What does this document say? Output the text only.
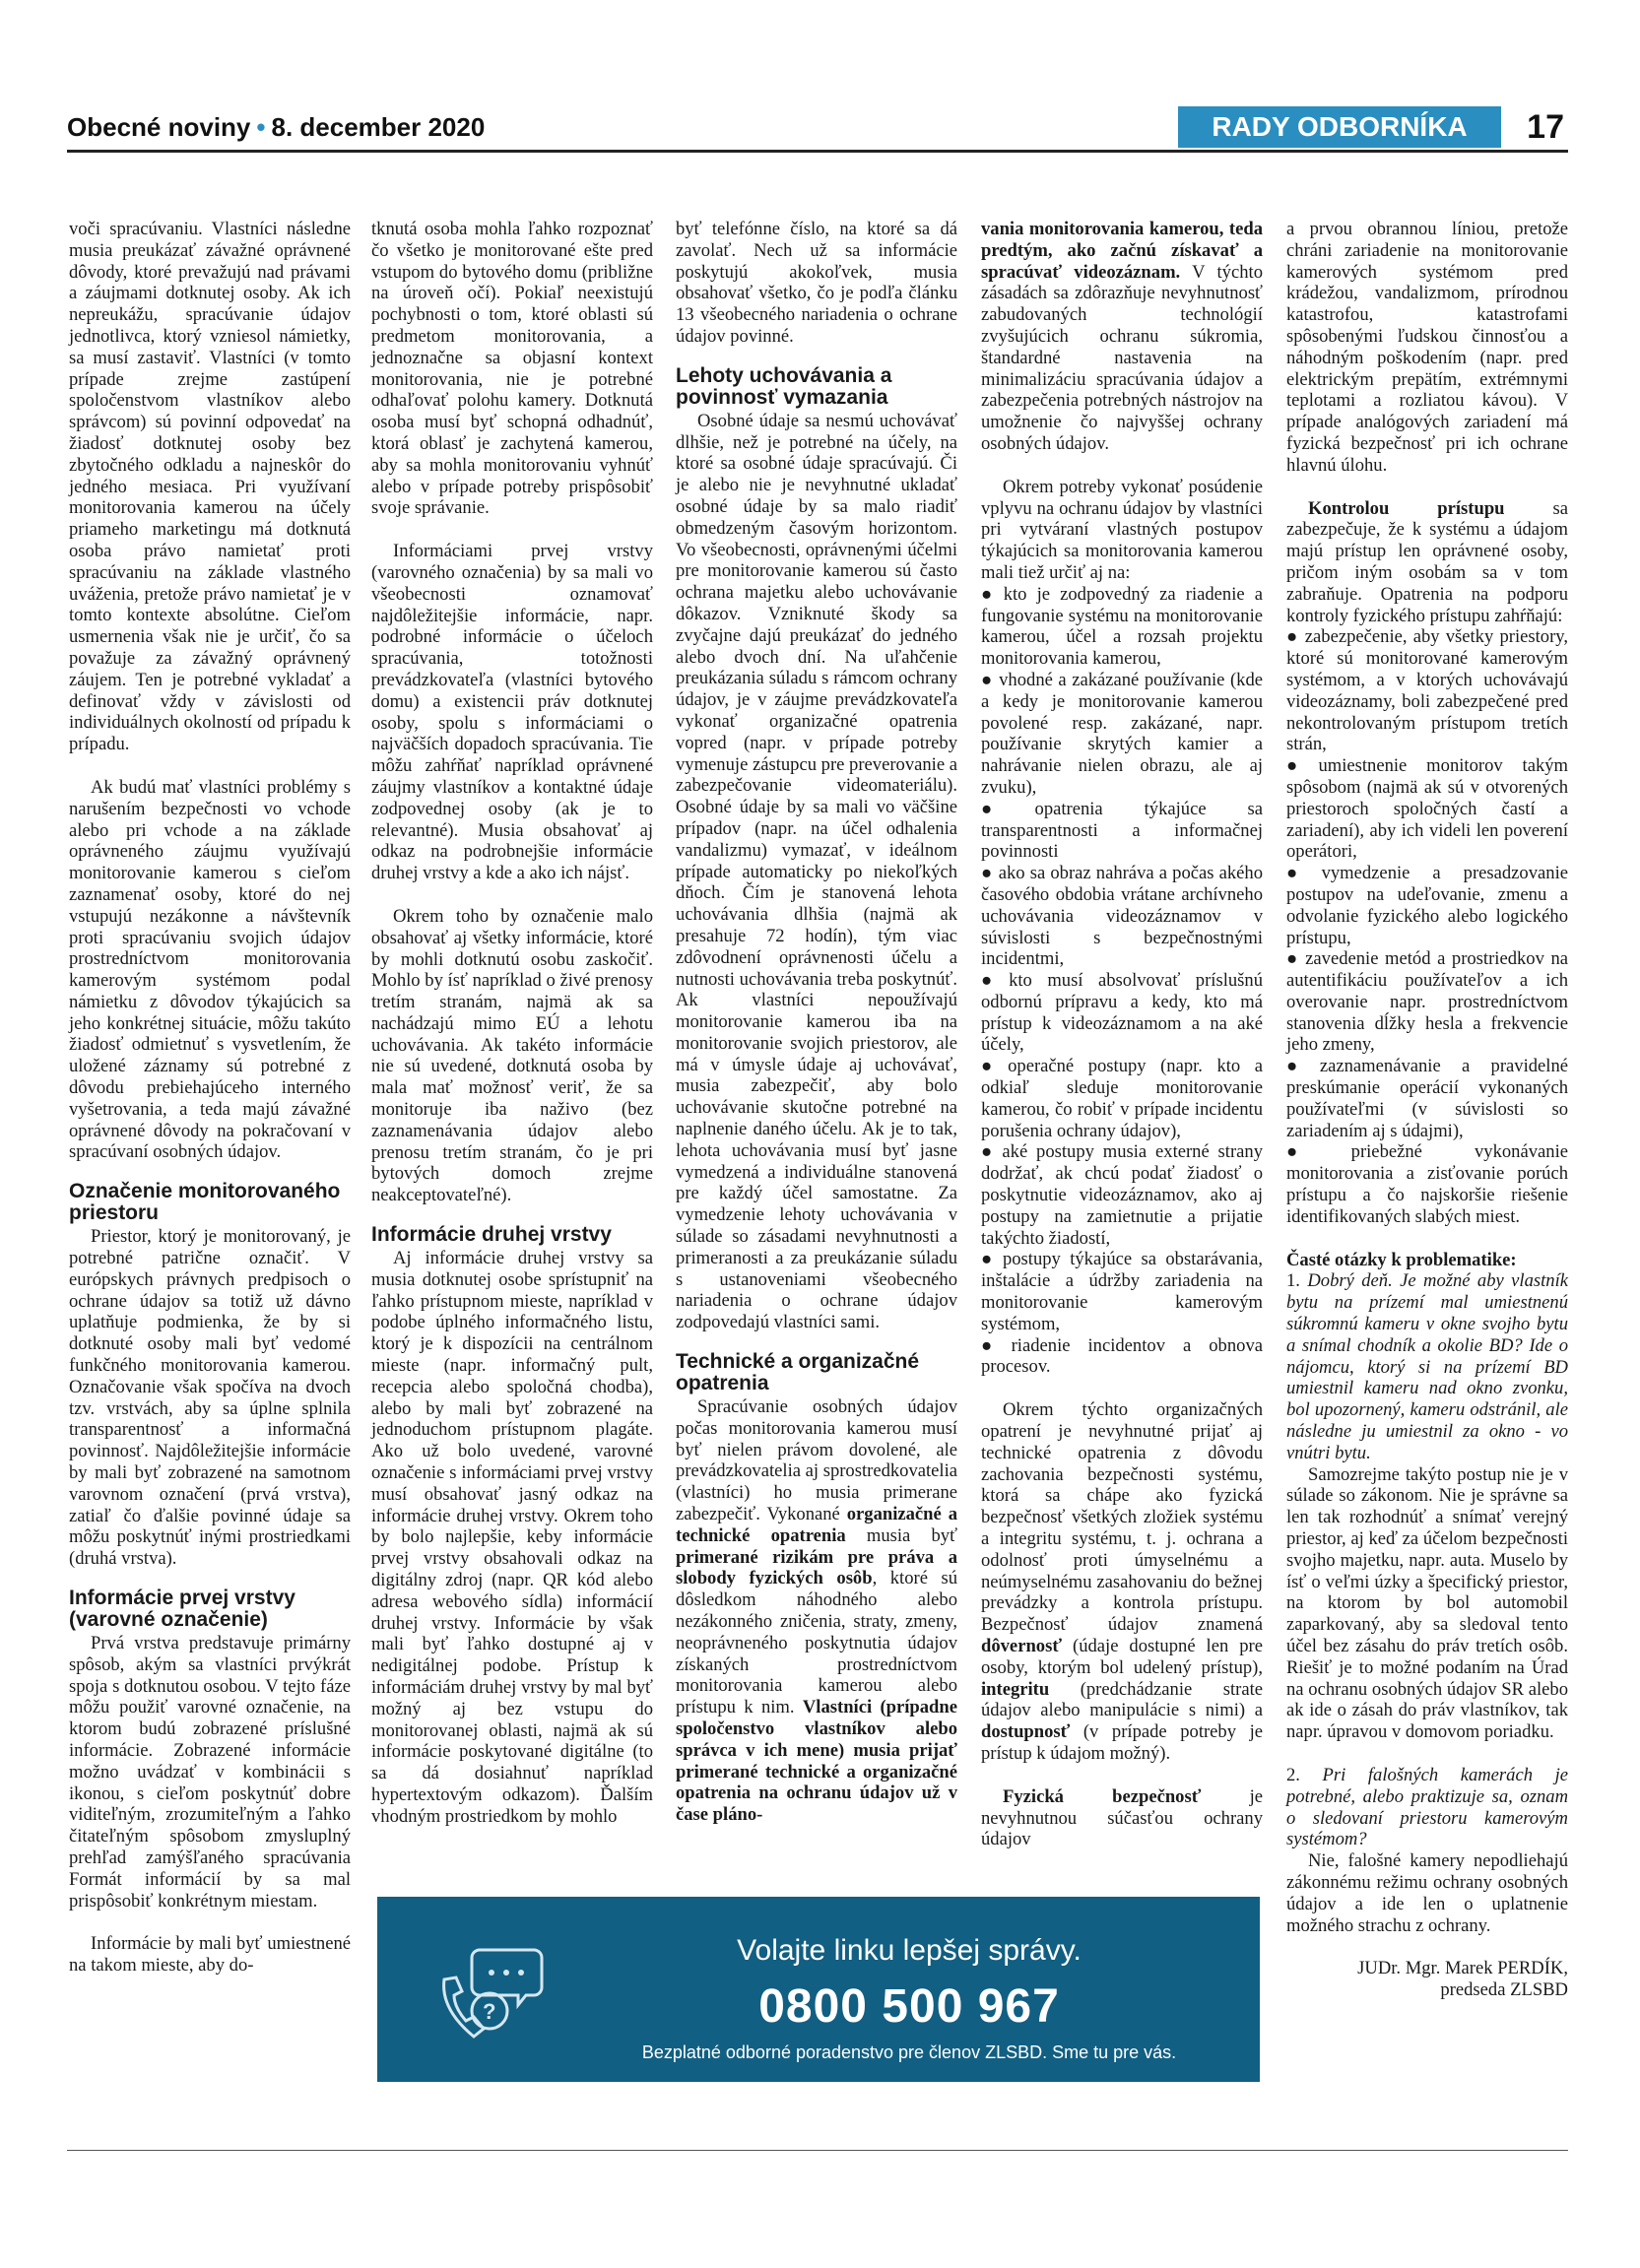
Obecné noviny • 8. december 2020	RADY ODBORNÍKA	17

voči spracúvaniu. Vlastníci následne musia preukázať závažné oprávnené dôvody, ktoré prevažujú nad právami a záujmami dotknutej osoby. Ak ich nepreukážu, spracúvanie údajov jednotlivca, ktorý vzniesol námietky, sa musí zastaviť. Vlastníci (v tomto prípade zrejme zastúpení spoločenstvom vlastníkov alebo správcom) sú povinní odpovedať na žiadosť dotknutej osoby bez zbytočného odkladu a najneskôr do jedného mesiaca. Pri využívaní monitorovania kamerou na účely priameho marketingu má dotknutá osoba právo namietať proti spracúvaniu na základe vlastného uváženia, pretože právo namietať je v tomto kontexte absolútne. Cieľom usmernenia však nie je určiť, čo sa považuje za závažný oprávnený záujem. Ten je potrebné vykladať a definovať vždy v závislosti od individuálnych okolností od prípadu k prípadu.

Ak budú mať vlastníci problémy s narušením bezpečnosti vo vchode alebo pri vchode a na základe oprávneného záujmu využívajú monitorovanie kamerou s cieľom zaznamenať osoby, ktoré do nej vstupujú nezákonne a návštevník proti spracúvaniu svojich údajov prostredníctvom monitorovania kamerovým systémom podal námietku z dôvodov týkajúcich sa jeho konkrétnej situácie, môžu takúto žiadosť odmietnuť s vysvetlením, že uložené záznamy sú potrebné z dôvodu prebiehajúceho interného vyšetrovania, a teda majú závažné oprávnené dôvody na pokračovaní v spracúvaní osobných údajov.

Označenie monitorovaného priestoru

Priestor, ktorý je monitorovaný, je potrebné patrične označiť. V európskych právnych predpisoch o ochrane údajov sa totiž už dávno uplatňuje podmienka, že by si dotknuté osoby mali byť vedomé funkčného monitorovania kamerou. Označovanie však spočíva na dvoch tzv. vrstvách, aby sa úplne splnila transparentnosť a informačná povinnosť. Najdôležitejšie informácie by mali byť zobrazené na samotnom varovnom označení (prvá vrstva), zatiaľ čo ďalšie povinné údaje sa môžu poskytnúť inými prostriedkami (druhá vrstva).

Informácie prvej vrstvy (varovné označenie)

Prvá vrstva predstavuje primárny spôsob, akým sa vlastníci prvýkrát spoja s dotknutou osobou. V tejto fáze môžu použiť varovné označenie, na ktorom budú zobrazené príslušné informácie. Zobrazené informácie možno uvádzať v kombinácii s ikonou, s cieľom poskytnúť dobre viditeľným, zrozumiteľným a ľahko čitateľným spôsobom zmysluplný prehľad zamýšľaného spracúvania Formát informácií by sa mal prispôsobiť konkrétnym miestam.

Informácie by mali byť umiestnené na takom mieste, aby do-

tknutá osoba mohla ľahko rozpoznať čo všetko je monitorované ešte pred vstupom do bytového domu (približne na úroveň očí). Pokiaľ neexistujú pochybnosti o tom, ktoré oblasti sú predmetom monitorovania, a jednoznačne sa objasní kontext monitorovania, nie je potrebné odhaľovať polohu kamery. Dotknutá osoba musí byť schopná odhadnúť, ktorá oblasť je zachytená kamerou, aby sa mohla monitorovaniu vyhnúť alebo v prípade potreby prispôsobiť svoje správanie.

Informáciami prvej vrstvy (varovného označenia) by sa mali vo všeobecnosti oznamovať najdôležitejšie informácie, napr. podrobné informácie o účeloch spracúvania, totožnosti prevádzkovateľa (vlastníci bytového domu) a existencii práv dotknutej osoby, spolu s informáciami o najväčších dopadoch spracúvania. Tie môžu zahŕňať napríklad oprávnené záujmy vlastníkov a kontaktné údaje zodpovednej osoby (ak je to relevantné). Musia obsahovať aj odkaz na podrobnejšie informácie druhej vrstvy a kde a ako ich nájsť.

Okrem toho by označenie malo obsahovať aj všetky informácie, ktoré by mohli dotknutú osobu zaskočiť. Mohlo by ísť napríklad o živé prenosy tretím stranám, najmä ak sa nachádzajú mimo EÚ a lehotu uchovávania. Ak takéto informácie nie sú uvedené, dotknutá osoba by mala mať možnosť veriť, že sa monitoruje iba naživo (bez zaznamenávania údajov alebo prenosu tretím stranám, čo je pri bytových domoch zrejme neakceptovateľné).

Informácie druhej vrstvy

Aj informácie druhej vrstvy sa musia dotknutej osobe sprístupniť na ľahko prístupnom mieste, napríklad v podobe úplného informačného listu, ktorý je k dispozícii na centrálnom mieste (napr. informačný pult, recepcia alebo spoločná chodba), alebo by mali byť zobrazené na jednoduchom prístupnom plagáte. Ako už bolo uvedené, varovné označenie s informáciami prvej vrstvy musí obsahovať jasný odkaz na informácie druhej vrstvy. Okrem toho by bolo najlepšie, keby informácie prvej vrstvy obsahovali odkaz na digitálny zdroj (napr. QR kód alebo adresa webového sídla) informácií druhej vrstvy. Informácie by však mali byť ľahko dostupné aj v nedigitálnej podobe. Prístup k informáciám druhej vrstvy by mal byť možný aj bez vstupu do monitorovanej oblasti, najmä ak sú informácie poskytované digitálne (to sa dá dosiahnuť napríklad hypertextovým odkazom). Ďalším vhodným prostriedkom by mohlo

byť telefónne číslo, na ktoré sa dá zavolať. Nech už sa informácie poskytujú akokoľvek, musia obsahovať všetko, čo je podľa článku 13 všeobecného nariadenia o ochrane údajov povinné.

Lehoty uchovávania a povinnosť vymazania

Osobné údaje sa nesmú uchovávať dlhšie, než je potrebné na účely, na ktoré sa osobné údaje spracúvajú. Či je alebo nie je nevyhnutné ukladať osobné údaje by sa malo riadiť obmedzeným časovým horizontom. Vo všeobecnosti, oprávnenými účelmi pre monitorovanie kamerou sú často ochrana majetku alebo uchovávanie dôkazov. Vzniknuté škody sa zvyčajne dajú preukázať do jedného alebo dvoch dní. Na uľahčenie preukázania súladu s rámcom ochrany údajov, je v záujme prevádzkovateľa vykonať organizačné opatrenia vopred (napr. v prípade potreby vymenuje zástupcu pre preverovanie a zabezpečovanie videomateriálu). Osobné údaje by sa mali vo väčšine prípadov (napr. na účel odhalenia vandalizmu) vymazať, v ideálnom prípade automaticky po niekoľkých dňoch. Čím je stanovená lehota uchovávania dlhšia (najmä ak presahuje 72 hodín), tým viac zdôvodnení oprávnenosti účelu a nutnosti uchovávania treba poskytnúť. Ak vlastníci nepoužívajú monitorovanie kamerou iba na monitorovanie svojich priestorov, ale má v úmysle údaje aj uchovávať, musia zabezpečiť, aby bolo uchovávanie skutočne potrebné na naplnenie daného účelu. Ak je to tak, lehota uchovávania musí byť jasne vymedzená a individuálne stanovená pre každý účel samostatne. Za vymedzenie lehoty uchovávania v súlade so zásadami nevyhnutnosti a primeranosti a za preukázanie súladu s ustanoveniami všeobecného nariadenia o ochrane údajov zodpovedajú vlastníci sami.

Technické a organizačné opatrenia

Spracúvanie osobných údajov počas monitorovania kamerou musí byť nielen právom dovolené, ale prevádzkovatelia aj sprostredkovatelia (vlastníci) ho musia primerane zabezpečiť. Vykonané organizačné a technické opatrenia musia byť primerané rizikám pre práva a slobody fyzických osôb, ktoré sú dôsledkom náhodného alebo nezákonného zničenia, straty, zmeny, neoprávneného poskytnutia údajov získaných prostredníctvom monitorovania kamerou alebo prístupu k nim. Vlastníci (prípadne spoločenstvo vlastníkov alebo správca v ich mene) musia prijať primerané technické a organizačné opatrenia na ochranu údajov už v čase pláno-

vania monitorovania kamerou, teda predtým, ako začnú získavať a spracúvať videozáznam. V týchto zásadách sa zdôrazňuje nevyhnutnosť zabudovaných technológií zvyšujúcich ochranu súkromia, štandardné nastavenia na minimalizáciu spracúvania údajov a zabezpečenia potrebných nástrojov na umožnenie čo najvyššej ochrany osobných údajov.

Okrem potreby vykonať posúdenie vplyvu na ochranu údajov by vlastníci pri vytváraní vlastných postupov týkajúcich sa monitorovania kamerou mali tiež určiť aj na:

● kto je zodpovedný za riadenie a fungovanie systému na monitorovanie kamerou, účel a rozsah projektu monitorovania kamerou,

● vhodné a zakázané používanie (kde a kedy je monitorovanie kamerou povolené resp. zakázané, napr. používanie skrytých kamier a nahrávanie nielen obrazu, ale aj zvuku),

● opatrenia týkajúce sa transparentnosti a informačnej povinnosti

● ako sa obraz nahráva a počas akého časového obdobia vrátane archívneho uchovávania videozáznamov v súvislosti s bezpečnostnými incidentmi,

● kto musí absolvovať príslušnú odbornú prípravu a kedy, kto má prístup k videozáznamom a na aké účely,

● operačné postupy (napr. kto a odkiaľ sleduje monitorovanie kamerou, čo robiť v prípade incidentu porušenia ochrany údajov),

● aké postupy musia externé strany dodržať, ak chcú podať žiadosť o poskytnutie videozáznamov, ako aj postupy na zamietnutie a prijatie takýchto žiadostí,

● postupy týkajúce sa obstarávania, inštalácie a údržby zariadenia na monitorovanie kamerovým systémom,

● riadenie incidentov a obnova procesov.

Okrem týchto organizačných opatrení je nevyhnutné prijať aj technické opatrenia z dôvodu zachovania bezpečnosti systému, ktorá sa chápe ako fyzická bezpečnosť všetkých zložiek systému a integritu systému, t. j. ochrana a odolnosť proti úmyselnému a neúmyselnému zasahovaniu do bežnej prevádzky a kontrola prístupu. Bezpečnosť údajov znamená dôvernosť (údaje dostupné len pre osoby, ktorým bol udelený prístup), integritu (predchádzanie strate údajov alebo manipulácie s nimi) a dostupnosť (v prípade potreby je prístup k údajom možný).

Fyzická bezpečnosť je nevyhnutnou súčasťou ochrany údajov

a prvou obrannou líniou, pretože chráni zariadenie na monitorovanie kamerových systémom pred krádežou, vandalizmom, prírodnou katastrofou, katastrofami spôsobenými ľudskou činnosťou a náhodným poškodením (napr. pred elektrickým prepätím, extrémnymi teplotami a rozliatou kávou). V prípade analógových zariadení má fyzická bezpečnosť pri ich ochrane hlavnú úlohu.

Kontrolou prístupu sa zabezpečuje, že k systému a údajom majú prístup len oprávnené osoby, pričom iným osobám sa v tom zabraňuje. Opatrenia na podporu kontroly fyzického prístupu zahŕňajú:

● zabezpečenie, aby všetky priestory, ktoré sú monitorované kamerovým systémom, a v ktorých uchovávajú videozáznamy, boli zabezpečené pred nekontrolovaným prístupom tretích strán,

● umiestnenie monitorov takým spôsobom (najmä ak sú v otvorených priestoroch spoločných častí a zariadení), aby ich videli len poverení operátori,

● vymedzenie a presadzovanie postupov na udeľovanie, zmenu a odvolanie fyzického alebo logického prístupu,

● zavedenie metód a prostriedkov na autentifikáciu používateľov a ich overovanie napr. prostredníctvom stanovenia dĺžky hesla a frekvencie jeho zmeny,

● zaznamenávanie a pravidelné preskúmanie operácií vykonaných používateľmi (v súvislosti so zariadením aj s údajmi),

● priebežné vykonávanie monitorovania a zisťovanie porúch prístupu a čo najskoršie riešenie identifikovaných slabých miest.

Časté otázky k problematike:

1. Dobrý deň. Je možné aby vlastník bytu na prízemí mal umiestnenú súkromnú kameru v okne svojho bytu a snímal chodník a okolie BD? Ide o nájomcu, ktorý si na prízemí BD umiestnil kameru nad okno zvonku, bol upozornený, kameru odstránil, ale následne ju umiestnil za okno - vo vnútri bytu.

Samozrejme takýto postup nie je v súlade so zákonom. Nie je správne sa len tak rozhodnúť a snímať verejný priestor, aj keď za účelom bezpečnosti svojho majetku, napr. auta. Muselo by ísť o veľmi úzky a špecifický priestor, na ktorom by bol automobil zaparkovaný, aby sa sledoval tento účel bez zásahu do práv tretích osôb. Riešiť je to možné podaním na Úrad na ochranu osobných údajov SR alebo ak ide o zásah do práv vlastníkov, tak napr. úpravou v domovom poriadku.

2. Pri falošných kamerách je potrebné, alebo praktizuje sa, oznam o sledovaní priestoru kamerovým systémom?

Nie, falošné kamery nepodliehajú zákonnému režimu ochrany osobných údajov a ide len o uplatnenie možného strachu z ochrany.

JUDr. Mgr. Marek PERDÍK,

predseda ZLSBD

?
Volajte linku lepšej správy.
0800 500 967
Bezplatné odborné poradenstvo pre členov ZLSBD. Sme tu pre vás.
